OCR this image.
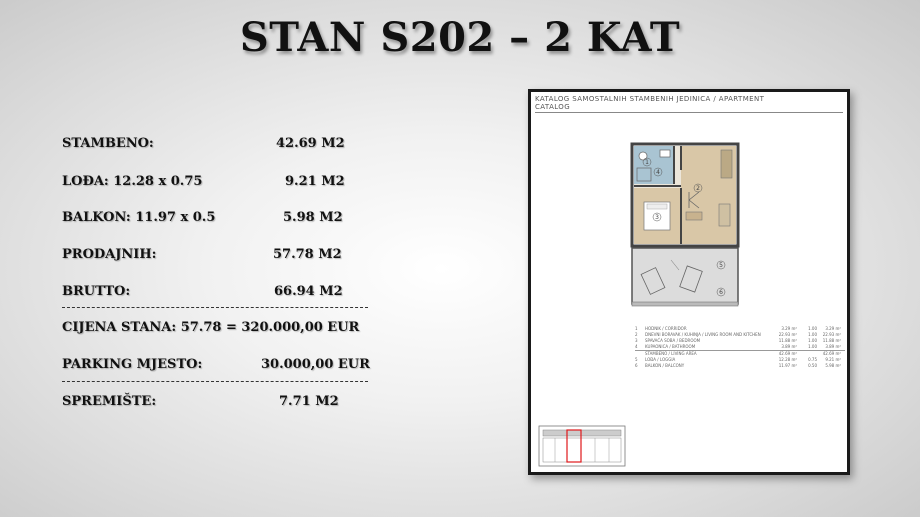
STAN S202 – 2 KAT
STAMBENO:	42.69 M2
LOĐA: 12.28 x 0.75	9.21 M2
BALKON: 11.97 x 0.5	5.98 M2
PRODAJNIH:	57.78 M2
BRUTTO:	66.94 M2
CIJENA STANA: 57.78 = 320.000,00 EUR
PARKING MJESTO:	30.000,00 EUR
SPREMIŠTE:	7.71 M2
KATALOG SAMOSTALNIH STAMBENIH JEDINICA / APARTMENT
CATALOG
1
2
3
4
5
6
1 HODNIK / CORRIDOR	3.29 m²	1.00 3.29 m²
2 DNEVNI BORAVAK / KUHINJA / LIVING ROOM AND KITCHEN	22.93 m²	1.00 22.93 m²
3 SPAVAĆA SOBA / BEDROOM	11.88 m²	1.00 11.88 m²
4 KUPAONICA / BATHROOM	3.89 m²	1.00 3.89 m²
STAMBENO / LIVING AREA	42.69 m²	42.69 m²
5 LOĐA / LOGGIA	12.28 m²	0.75 9.21 m²
6 BALKON / BALCONY	11.97 m²	0.50 5.98 m²
